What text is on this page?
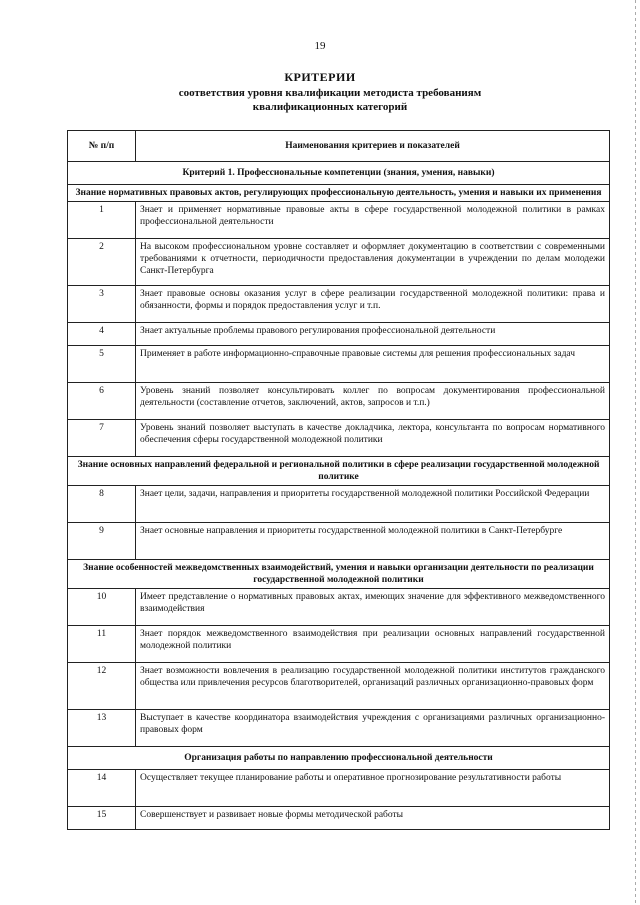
19
КРИТЕРИИ
соответствия уровня квалификации методиста требованиям квалификационных категорий
№ п/п	Наименования критериев и показателей
Критерий 1. Профессиональные компетенции (знания, умения, навыки)	
Знание нормативных правовых актов, регулирующих профессиональную деятельность, умения и навыки их применения	
1	Знает и применяет нормативные правовые акты в сфере государственной молодежной политики в рамках профессиональной деятельности
2	На высоком профессиональном уровне составляет и оформляет документацию в соответствии с современными требованиями к отчетности, периодичности предоставления документации в учреждении по делам молодежи Санкт-Петербурга
3	Знает правовые основы оказания услуг в сфере реализации государственной молодежной политики: права и обязанности, формы и порядок предоставления услуг и т.п.
4	Знает актуальные проблемы правового регулирования профессиональной деятельности
5	Применяет в работе информационно-справочные правовые системы для решения профессиональных задач
6	Уровень знаний позволяет консультировать коллег по вопросам документирования профессиональной деятельности (составление отчетов, заключений, актов, запросов и т.п.)
7	Уровень знаний позволяет выступать в качестве докладчика, лектора, консультанта по вопросам нормативного обеспечения сферы государственной молодежной политики
Знание основных направлений федеральной и региональной политики в сфере реализации государственной молодежной политике	
8	Знает цели, задачи, направления и приоритеты государственной молодежной политики Российской Федерации
9	Знает основные направления и приоритеты государственной молодежной политики в Санкт-Петербурге
Знание особенностей межведомственных взаимодействий, умения и навыки организации деятельности по реализации государственной молодежной политики	
10	Имеет представление о нормативных правовых актах, имеющих значение для эффективного межведомственного взаимодействия
11	Знает порядок межведомственного взаимодействия при реализации основных направлений государственной молодежной политики
12	Знает возможности вовлечения в реализацию государственной молодежной политики институтов гражданского общества или привлечения ресурсов благотворителей, организаций различных организационно-правовых форм
13	Выступает в качестве координатора взаимодействия учреждения с организациями различных организационно-правовых форм
Организация работы по направлению профессиональной деятельности	
14	Осуществляет текущее планирование работы и оперативное прогнозирование результативности работы
15	Совершенствует и развивает новые формы методической работы
